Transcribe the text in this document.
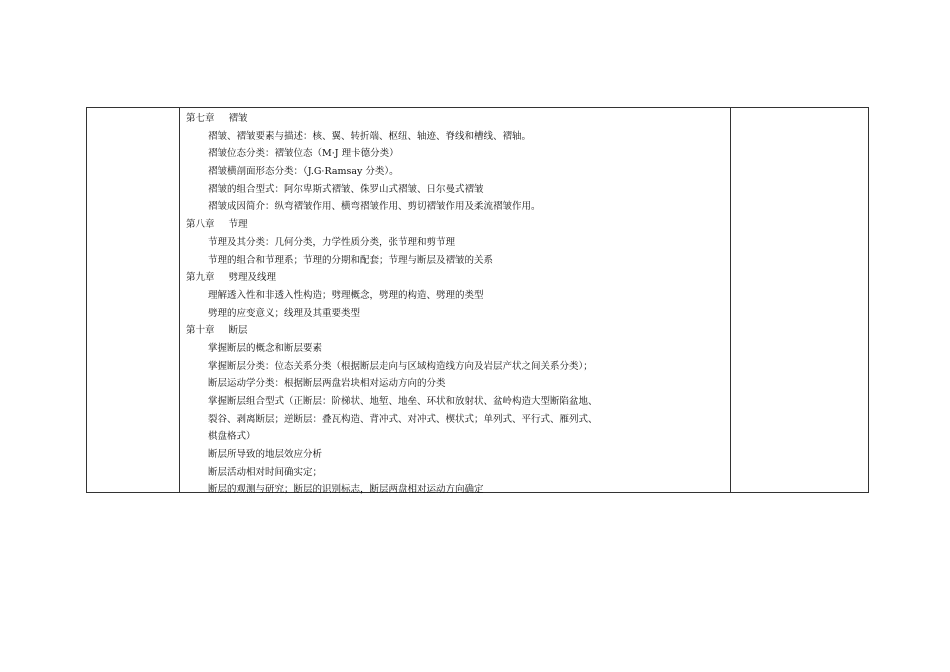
第七章 褶皱
褶皱、褶皱要素与描述：核、翼、转折端、枢纽、轴迹、脊线和槽线、褶轴。
褶皱位态分类：褶皱位态（M·J 理卡德分类）
褶皱横剖面形态分类：（J.G·Ramsay 分类）。
褶皱的组合型式：阿尔卑斯式褶皱、侏罗山式褶皱、日尔曼式褶皱
褶皱成因简介：纵弯褶皱作用、横弯褶皱作用、剪切褶皱作用及柔流褶皱作用。
第八章 节理
节理及其分类：几何分类，力学性质分类，张节理和剪节理
节理的组合和节理系；节理的分期和配套；节理与断层及褶皱的关系
第九章 劈理及线理
理解透入性和非透入性构造；劈理概念，劈理的构造、劈理的类型
劈理的应变意义；线理及其重要类型
第十章 断层
掌握断层的概念和断层要素
掌握断层分类：位态关系分类（根据断层走向与区域构造线方向及岩层产状之间关系分类）；
断层运动学分类：根据断层两盘岩块相对运动方向的分类
掌握断层组合型式（正断层：阶梯状、地堑、地垒、环状和放射状、盆岭构造大型断陷盆地、
裂谷、剥离断层；逆断层：叠瓦构造、背冲式、对冲式、楔状式；单列式、平行式、雁列式、
棋盘格式）
断层所导致的地层效应分析
断层活动相对时间确实定；
断层的观测与研究；断层的识别标志，断层两盘相对运动方向确定
